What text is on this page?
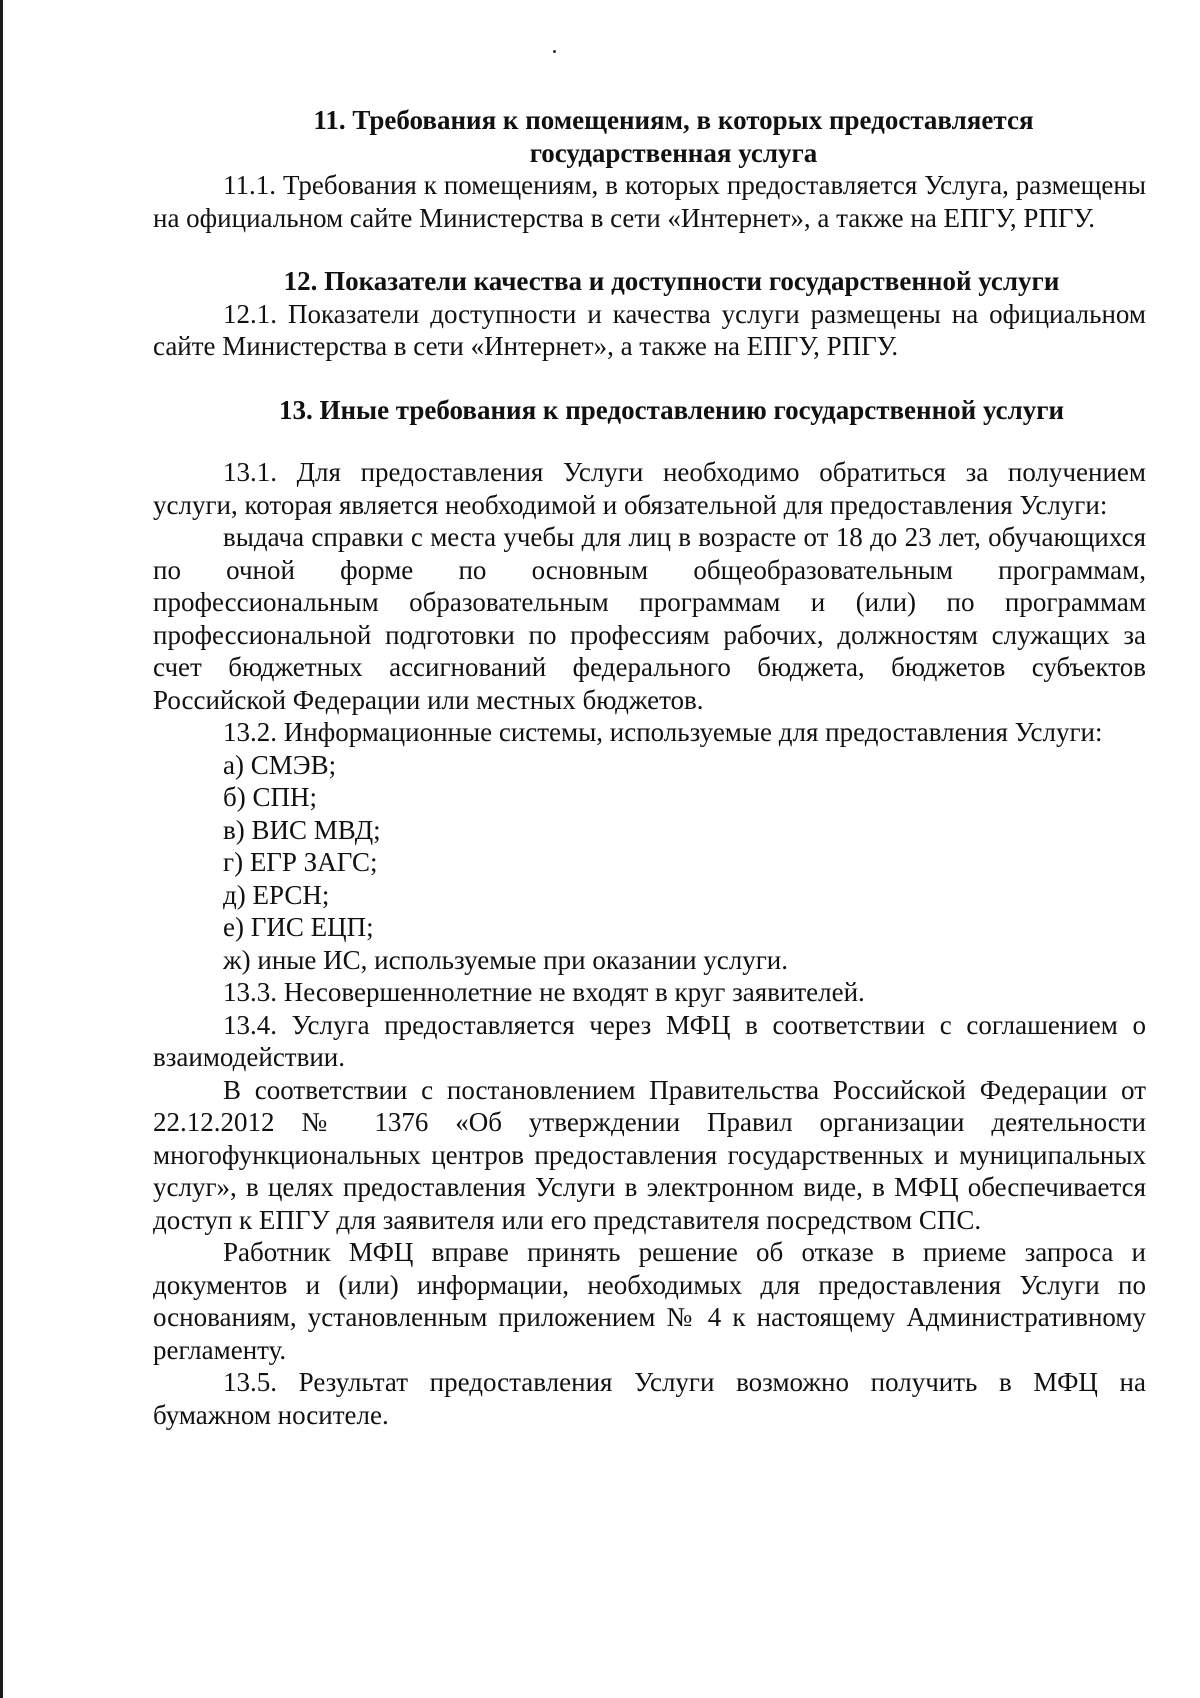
11. Требования к помещениям, в которых предоставляется
государственная услуга

11.1. Требования к помещениям, в которых предоставляется Услуга, размещены на официальном сайте Министерства в сети «Интернет», а также на ЕПГУ, РПГУ.

12. Показатели качества и доступности государственной услуги

12.1. Показатели доступности и качества услуги размещены на официальном сайте Министерства в сети «Интернет», а также на ЕПГУ, РПГУ.

13. Иные требования к предоставлению государственной услуги

13.1. Для предоставления Услуги необходимо обратиться за получением услуги, которая является необходимой и обязательной для предоставления Услуги:

выдача справки с места учебы для лиц в возрасте от 18 до 23 лет, обучающихся по очной форме по основным общеобразовательным программам, профессиональным образовательным программам и (или) по программам профессиональной подготовки по профессиям рабочих, должностям служащих за счет бюджетных ассигнований федерального бюджета, бюджетов субъектов Российской Федерации или местных бюджетов.

13.2. Информационные системы, используемые для предоставления Услуги:

а) СМЭВ;

б) СПН;

в) ВИС МВД;

г) ЕГР ЗАГС;

д) ЕРСН;

е) ГИС ЕЦП;

ж) иные ИС, используемые при оказании услуги.

13.3. Несовершеннолетние не входят в круг заявителей.

13.4. Услуга предоставляется через МФЦ в соответствии с соглашением о взаимодействии.

В соответствии с постановлением Правительства Российской Федерации от 22.12.2012 № 1376 «Об утверждении Правил организации деятельности многофункциональных центров предоставления государственных и муниципальных услуг», в целях предоставления Услуги в электронном виде, в МФЦ обеспечивается доступ к ЕПГУ для заявителя или его представителя посредством СПС.

Работник МФЦ вправе принять решение об отказе в приеме запроса и документов и (или) информации, необходимых для предоставления Услуги по основаниям, установленным приложением № 4 к настоящему Административному регламенту.

13.5. Результат предоставления Услуги возможно получить в МФЦ на бумажном носителе.
